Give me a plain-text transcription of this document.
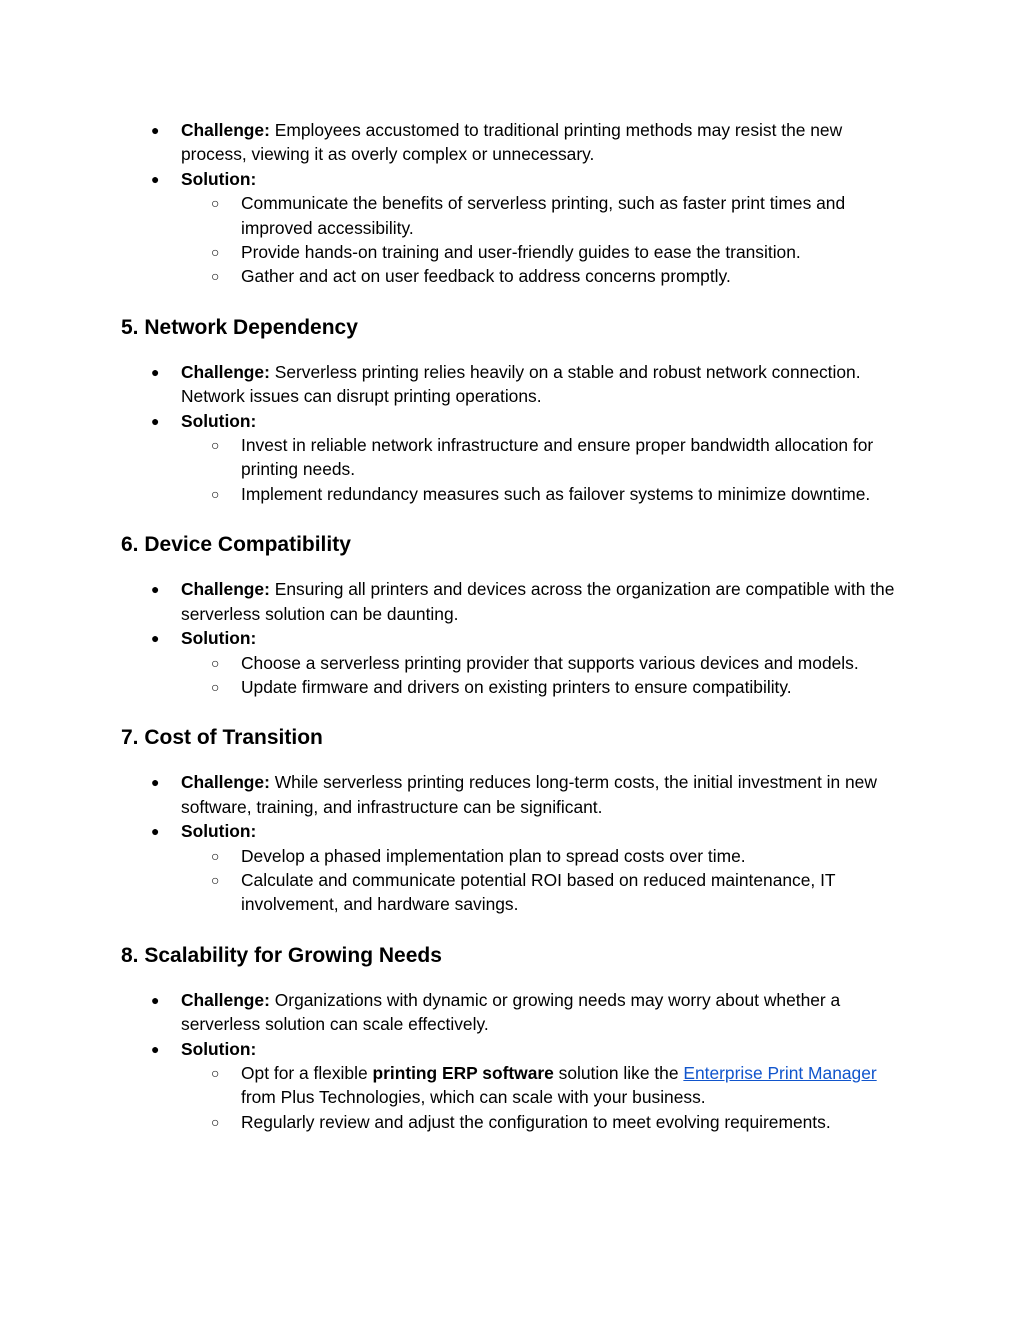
● Challenge: Employees accustomed to traditional printing methods may resist the new process, viewing it as overly complex or unnecessary.
● Solution:
○ Communicate the benefits of serverless printing, such as faster print times and improved accessibility.
○ Provide hands-on training and user-friendly guides to ease the transition.
○ Gather and act on user feedback to address concerns promptly.
5. Network Dependency
● Challenge: Serverless printing relies heavily on a stable and robust network connection. Network issues can disrupt printing operations.
● Solution:
○ Invest in reliable network infrastructure and ensure proper bandwidth allocation for printing needs.
○ Implement redundancy measures such as failover systems to minimize downtime.
6. Device Compatibility
● Challenge: Ensuring all printers and devices across the organization are compatible with the serverless solution can be daunting.
● Solution:
○ Choose a serverless printing provider that supports various devices and models.
○ Update firmware and drivers on existing printers to ensure compatibility.
7. Cost of Transition
● Challenge: While serverless printing reduces long-term costs, the initial investment in new software, training, and infrastructure can be significant.
● Solution:
○ Develop a phased implementation plan to spread costs over time.
○ Calculate and communicate potential ROI based on reduced maintenance, IT involvement, and hardware savings.
8. Scalability for Growing Needs
● Challenge: Organizations with dynamic or growing needs may worry about whether a serverless solution can scale effectively.
● Solution:
○ Opt for a flexible printing ERP software solution like the Enterprise Print Manager from Plus Technologies, which can scale with your business.
○ Regularly review and adjust the configuration to meet evolving requirements.
